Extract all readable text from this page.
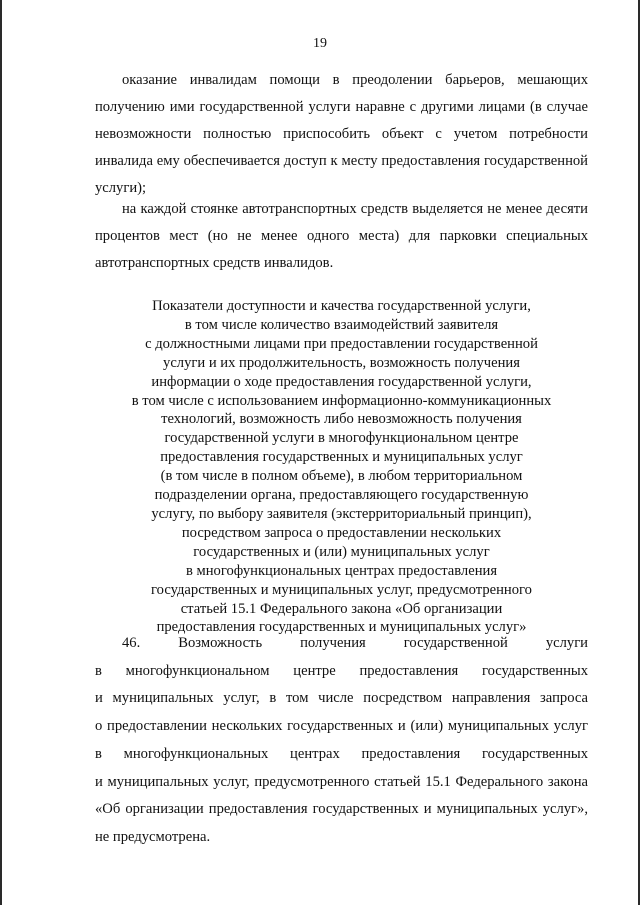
19

оказание инвалидам помощи в преодолении барьеров, мешающих получению ими государственной услуги наравне с другими лицами (в случае невозможности полностью приспособить объект с учетом потребности инвалида ему обеспечивается доступ к месту предоставления государственной услуги);

на каждой стоянке автотранспортных средств выделяется не менее десяти процентов мест (но не менее одного места) для парковки специальных автотранспортных средств инвалидов.

Показатели доступности и качества государственной услуги,
в том числе количество взаимодействий заявителя
с должностными лицами при предоставлении государственной
услуги и их продолжительность, возможность получения
информации о ходе предоставления государственной услуги,
в том числе с использованием информационно-коммуникационных
технологий, возможность либо невозможность получения
государственной услуги в многофункциональном центре
предоставления государственных и муниципальных услуг
(в том числе в полном объеме), в любом территориальном
подразделении органа, предоставляющего государственную
услугу, по выбору заявителя (экстерриториальный принцип),
посредством запроса о предоставлении нескольких
государственных и (или) муниципальных услуг
в многофункциональных центрах предоставления
государственных и муниципальных услуг, предусмотренного
статьей 15.1 Федерального закона «Об организации
предоставления государственных и муниципальных услуг»
46. Возможность получения государственной услуги
в многофункциональном центре предоставления государственных
и муниципальных услуг, в том числе посредством направления запроса
о предоставлении нескольких государственных и (или) муниципальных услуг
в многофункциональных центрах предоставления государственных
и муниципальных услуг, предусмотренного статьей 15.1 Федерального закона
«Об организации предоставления государственных и муниципальных услуг»,
не предусмотрена.
